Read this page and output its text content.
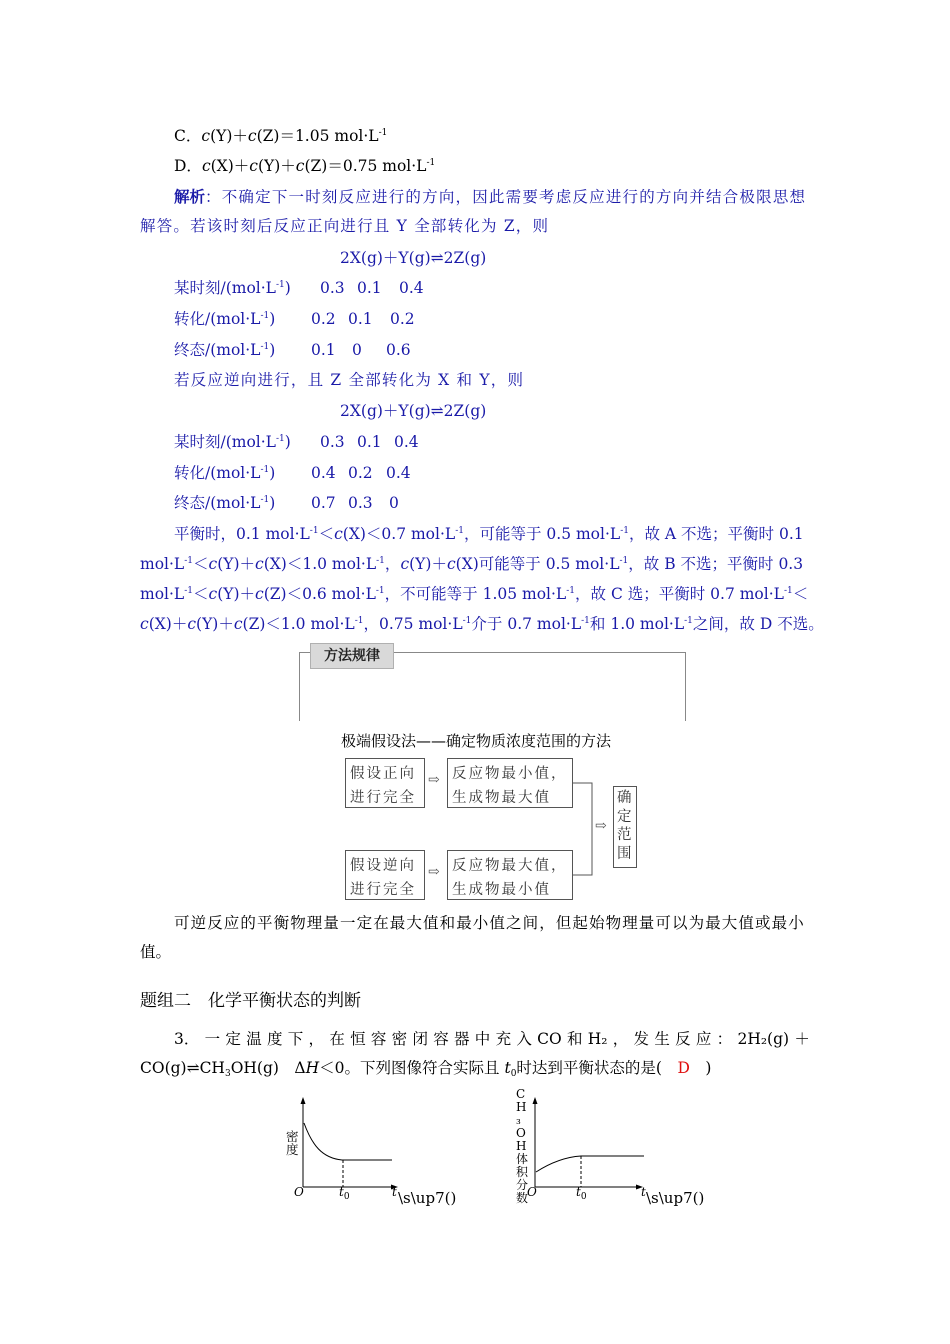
C．c(Y)＋c(Z)＝1.05 $mol\cdot L^{-1}$
D．c(X)＋c(Y)＋c(Z)＝0.75 $mol\cdot L^{-1}$
解析：不确定下一时刻反应进行的方向，因此需要考虑反应进行的方向并结合极限思想
解答。若该时刻后反应正向进行且 Y 全部转化为 Z，则
2X(g)＋Y(g)⇌2Z(g)
某时刻$/(mol\cdot L^{-1})$ 0.3 0.1 0.4
转化$/(mol\cdot L^{-1})$ 0.2 0.1 0.2
终态$/(mol\cdot L^{-1})$ 0.1 0 0.6
若反应逆向进行，且 Z 全部转化为 X 和 Y，则
2X(g)＋Y(g)⇌2Z(g)
某时刻$/(mol\cdot L^{-1})$ 0.3 0.1 0.4
转化$/(mol\cdot L^{-1})$ 0.4 0.2 0.4
终态$/(mol\cdot L^{-1})$ 0.7 0.3 0
平衡时，0.1 $mol\cdot L^{-1}<c(X)<0.7$ $mol\cdot L^{-1}$，可能等于 0.5 $mol\cdot L^{-1}$，故 A 不选；平衡时 0.1
$mol\cdot L^{-1}<c(Y)+c(X)<1.0$ $mol\cdot L^{-1}$，c(Y)＋c(X)可能等于 0.5 $mol\cdot L^{-1}$，故 B 不选；平衡时 0.3
$mol\cdot L^{-1}<c(Y)+c(Z)<0.6$ $mol\cdot L^{-1}$，不可能等于 1.05 $mol\cdot L^{-1}$，故 C 选；平衡时 0.7 $mol\cdot L^{-1}<$
c(X)＋c(Y)＋c(Z)＜1.0 $mol\cdot L^{-1}$，0.75 $mol\cdot L^{-1}$介于 0.7 $mol\cdot L^{-1}$和 1.0 $mol\cdot L^{-1}$之间，故 D 不选。
方法规律
极端假设法——确定物质浓度范围的方法
假设正向
进行完全
⇨ 反应物最小值，
生成物最大值
假设逆向
进行完全
⇨ 反应物最大值，
生成物最小值
⇨
确
定
范
围
可逆反应的平衡物理量一定在最大值和最小值之间，但起始物理量可以为最大值或最小
值。
题组二　化学平衡状态的判断
3． 一 定 温 度 下 ， 在 恒 容 密 闭 容 器 中 充 入 CO 和 H₂ ， 发 生 反 应 ： 2H₂(g) ＋
$CO(g)\rightleftharpoons CH_3OH(g)$　ΔH＜0。下列图像符合实际且 $t_0$时达到平衡状态的是(　D　)
密度
O	$t_0$	t \s\up7()
CH₃OH体积分数
O	$t_0$	t \s\up7()
